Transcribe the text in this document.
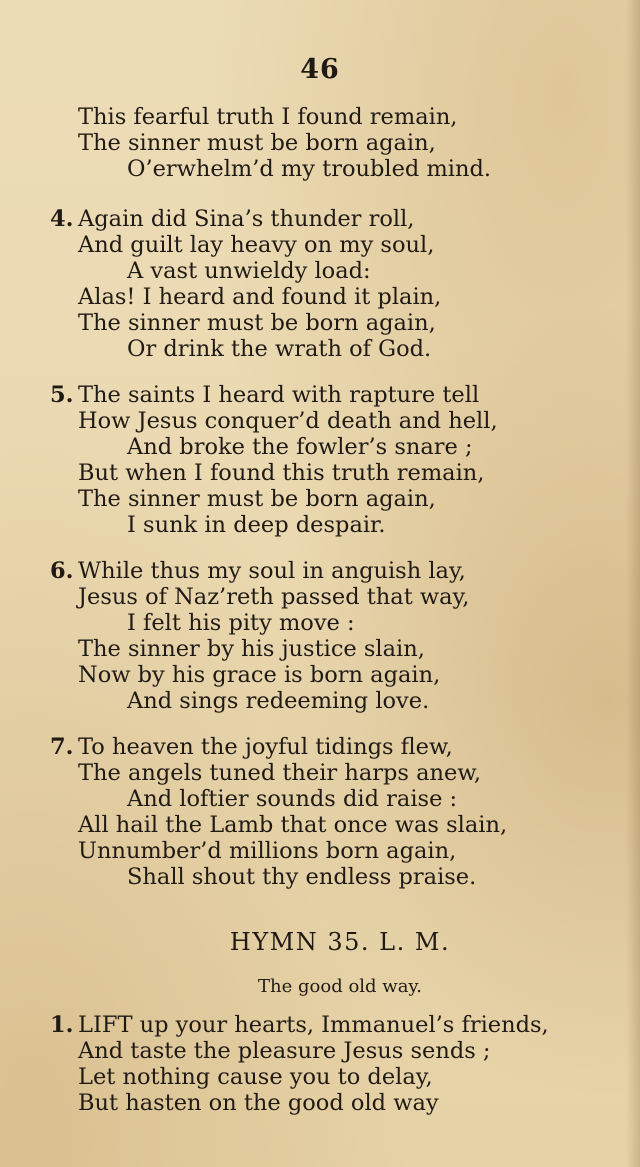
46
This fearful truth I found remain,
The sinner must be born again,
O’erwhelm’d my troubled mind.
4. Again did Sina’s thunder roll,
And guilt lay heavy on my soul,
A vast unwieldy load:
Alas! I heard and found it plain,
The sinner must be born again,
Or drink the wrath of God.
5. The saints I heard with rapture tell
How Jesus conquer’d death and hell,
And broke the fowler’s snare ;
But when I found this truth remain,
The sinner must be born again,
I sunk in deep despair.
6. While thus my soul in anguish lay,
Jesus of Naz’reth passed that way,
I felt his pity move :
The sinner by his justice slain,
Now by his grace is born again,
And sings redeeming love.
7. To heaven the joyful tidings flew,
The angels tuned their harps anew,
And loftier sounds did raise :
All hail the Lamb that once was slain,
Unnumber’d millions born again,
Shall shout thy endless praise.
HYMN 35. L. M.
The good old way.
1. LIFT up your hearts, Immanuel’s friends,
And taste the pleasure Jesus sends ;
Let nothing cause you to delay,
But hasten on the good old way
